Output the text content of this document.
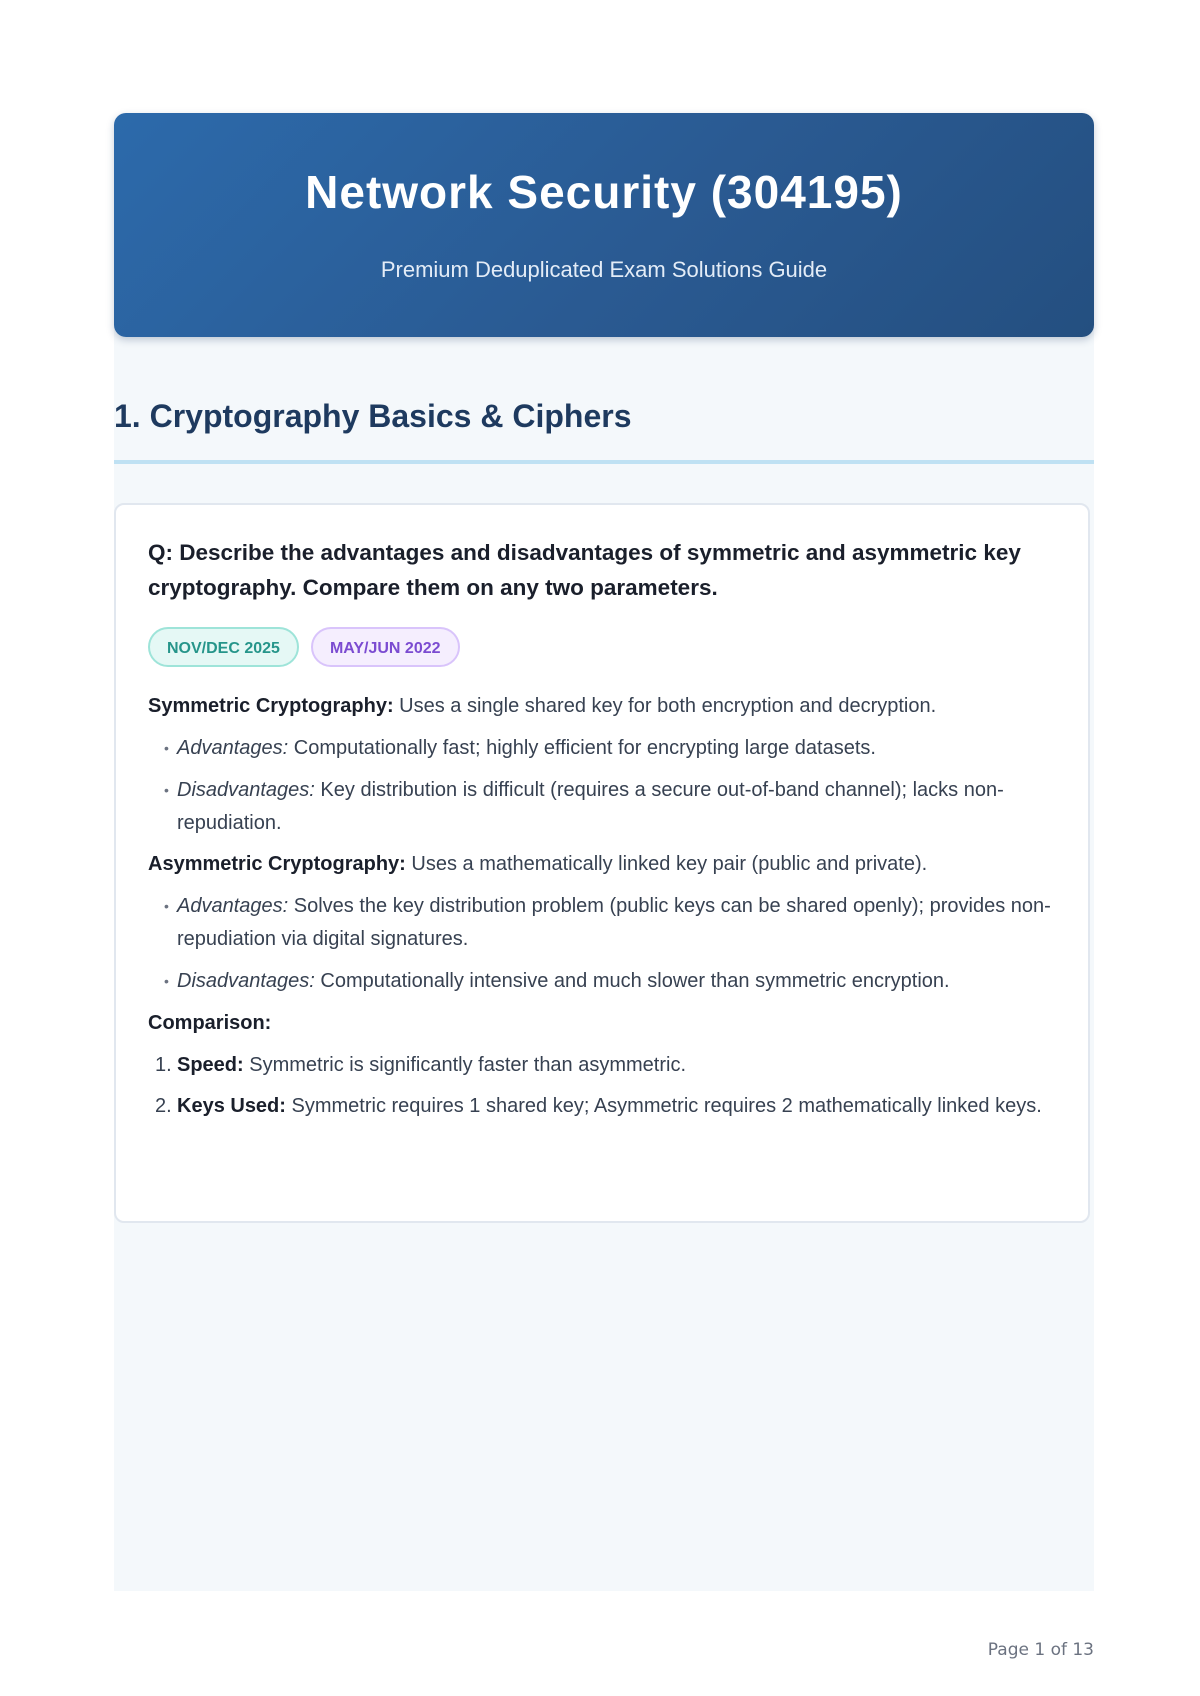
Network Security (304195)

Premium Deduplicated Exam Solutions Guide

1. Cryptography Basics & Ciphers

Q: Describe the advantages and disadvantages of symmetric and asymmetric key cryptography. Compare them on any two parameters.

NOV/DEC 2025	MAY/JUN 2022

Symmetric Cryptography: Uses a single shared key for both encryption and decryption.

• Advantages: Computationally fast; highly efficient for encrypting large datasets.
• Disadvantages: Key distribution is difficult (requires a secure out-of-band channel); lacks non-repudiation.

Asymmetric Cryptography: Uses a mathematically linked key pair (public and private).

• Advantages: Solves the key distribution problem (public keys can be shared openly); provides non-repudiation via digital signatures.
• Disadvantages: Computationally intensive and much slower than symmetric encryption.

Comparison:

1. Speed: Symmetric is significantly faster than asymmetric.
2. Keys Used: Symmetric requires 1 shared key; Asymmetric requires 2 mathematically linked keys.
Page 1 of 13
